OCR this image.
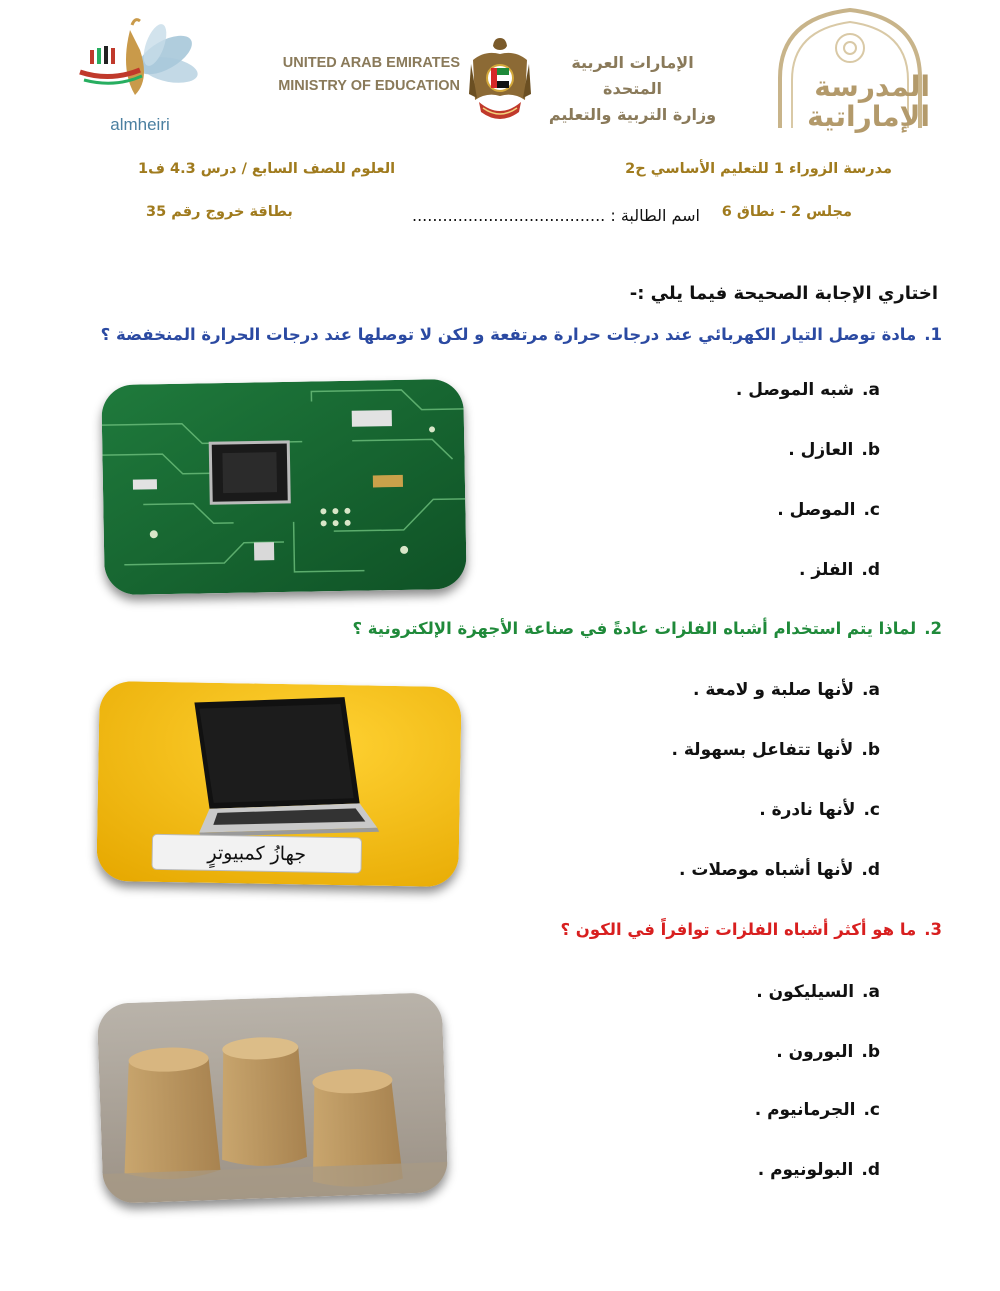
almheiri
UNITED ARAB EMIRATES
MINISTRY OF EDUCATION
الإمارات العربية المتحدة
وزارة التربية والتعليم
المدرسة
الإماراتية
مدرسة الزوراء 1 للتعليم الأساسي ح2
العلوم للصف السابع / درس 4.3 ف1
مجلس 2 - نطاق 6
بطاقة خروج رقم 35	اسم الطالبة : ......................................
اختاري الإجابة الصحيحة فيما يلي :-
1.مادة توصل التيار الكهربائي عند درجات حرارة مرتفعة و لكن لا توصلها عند درجات الحرارة المنخفضة ؟
a.شبه الموصل .
b.العازل .
c.الموصل .
d.الفلز .
2.لماذا يتم استخدام أشباه الفلزات عادةً في صناعة الأجهزة الإلكترونية ؟
a.لأنها صلبة و لامعة .
b.لأنها تتفاعل بسهولة .
c.لأنها نادرة .
d.لأنها أشباه موصلات .
جهازُ كمبيوترٍ
3.ما هو أكثر أشباه الفلزات توافراً في الكون ؟
a.السيليكون .
b.البورون .
c.الجرمانيوم .
d.البولونيوم .
